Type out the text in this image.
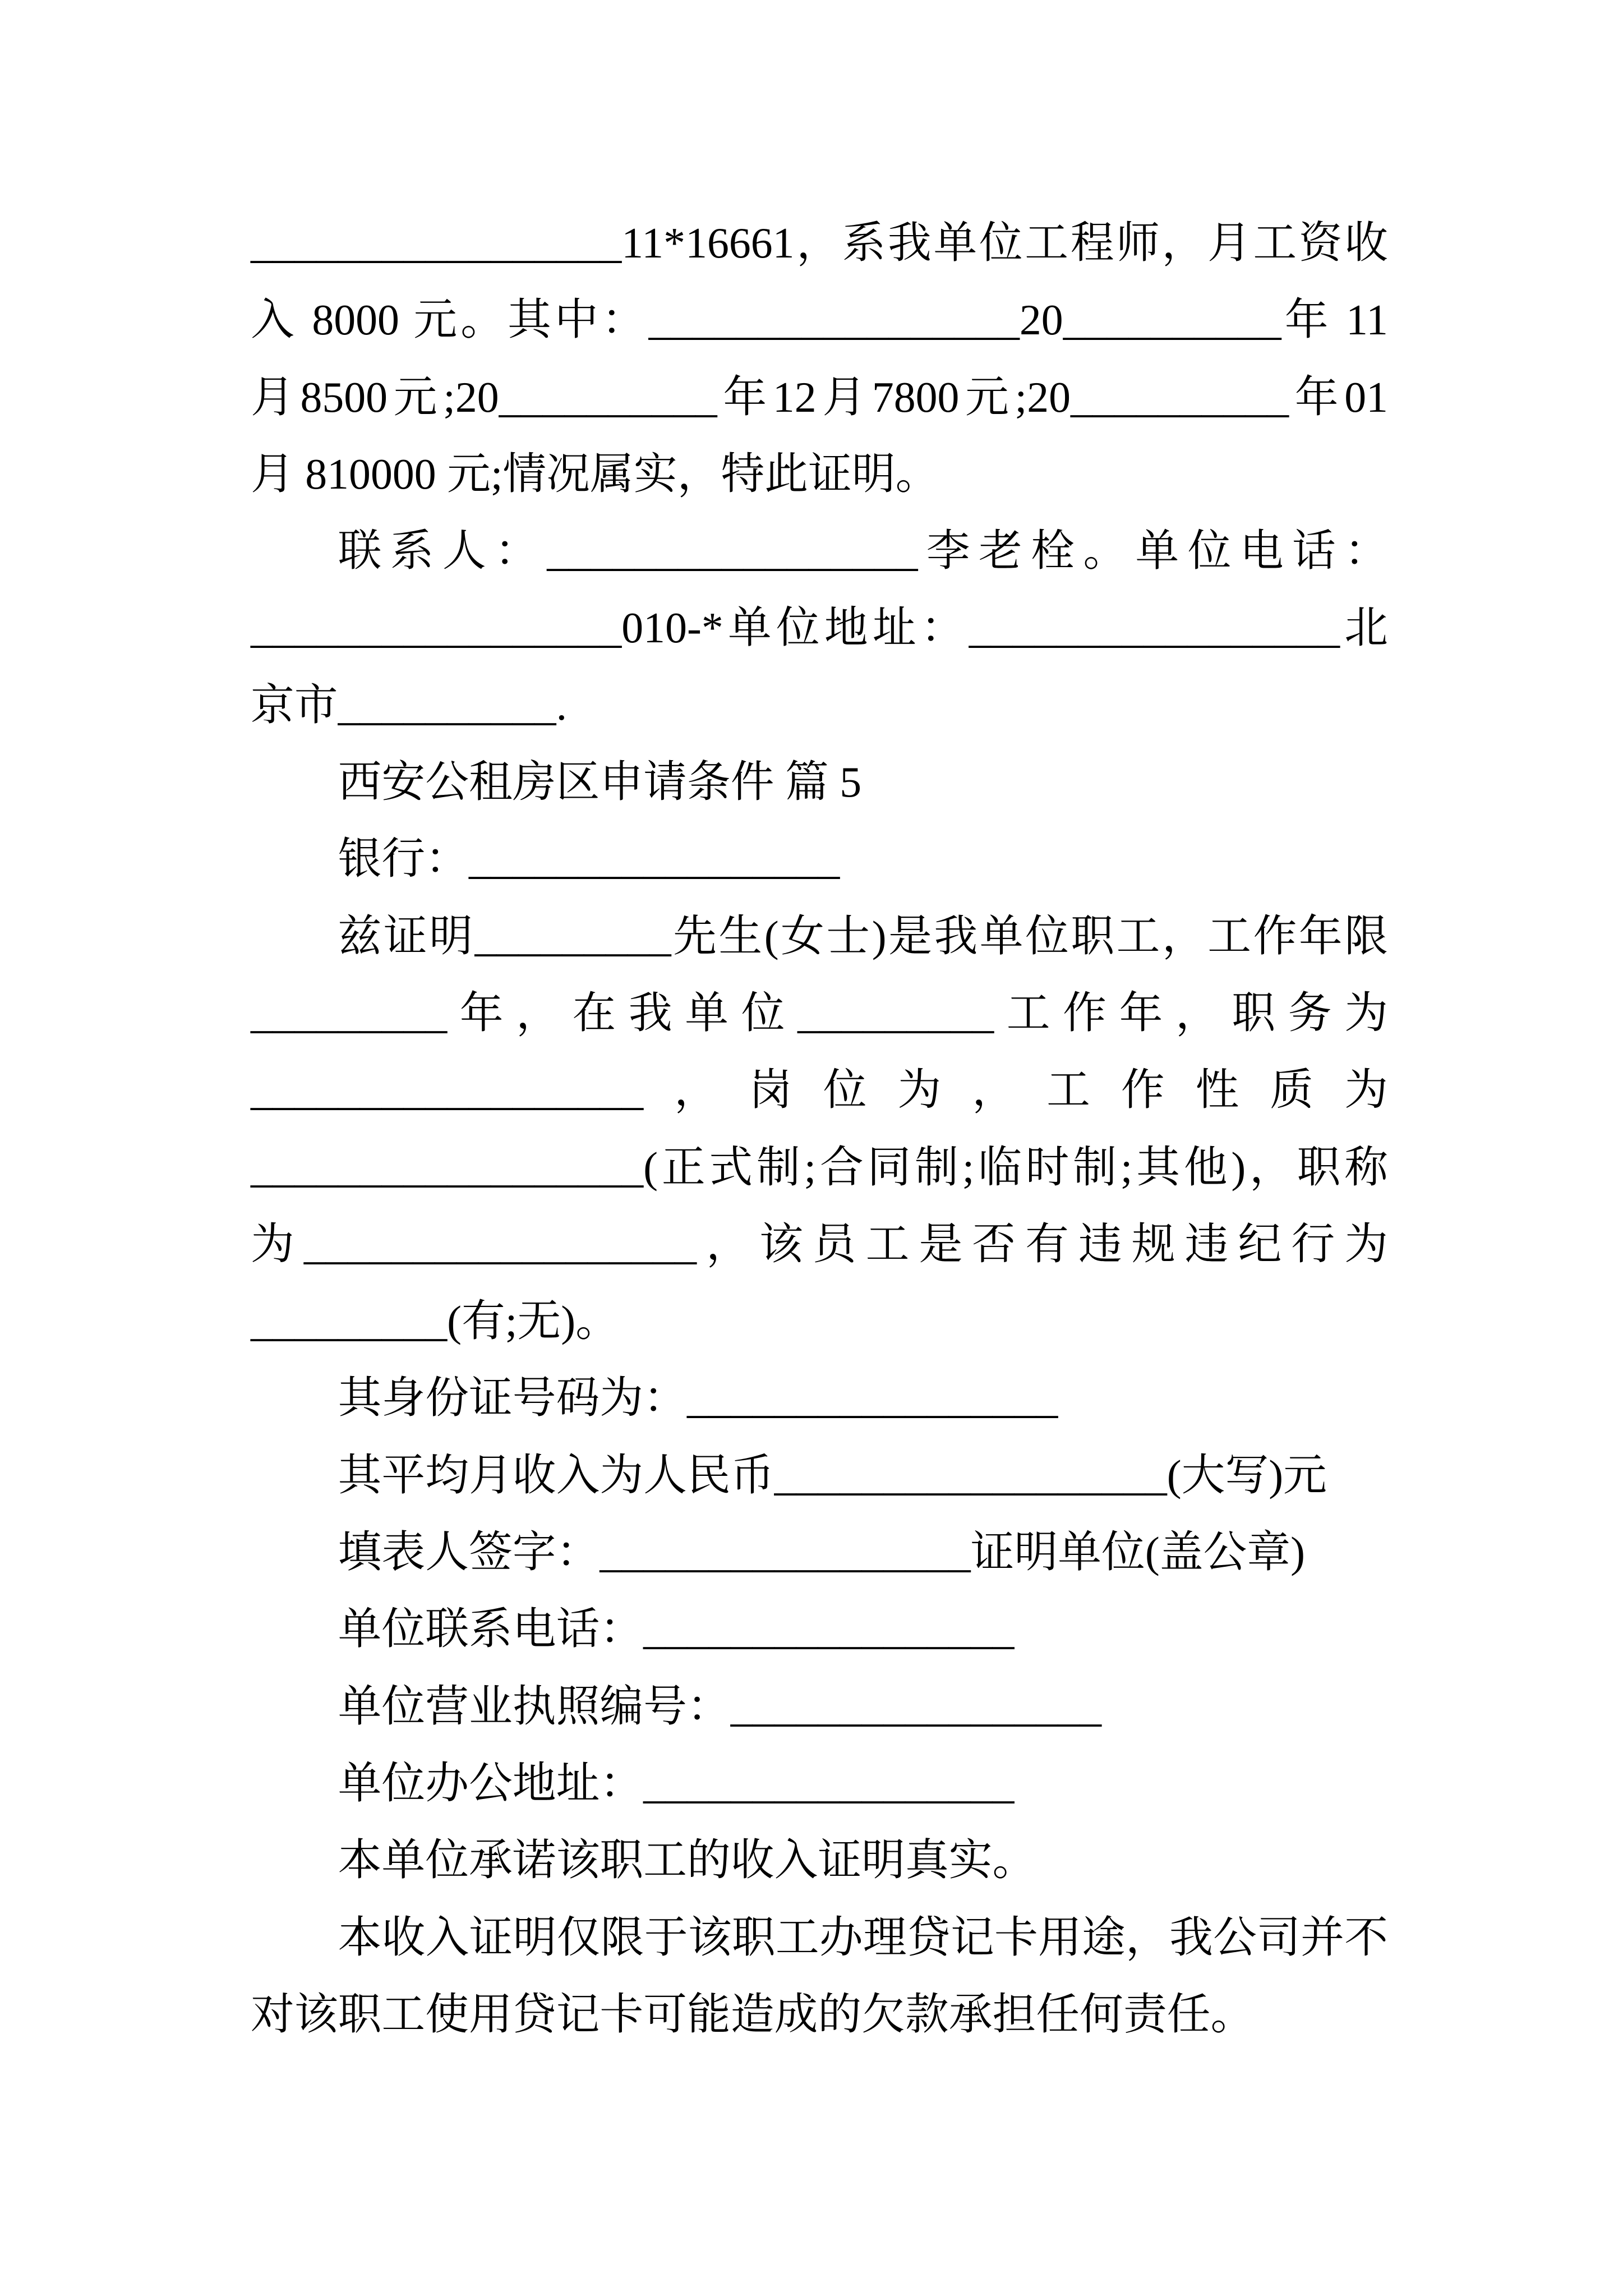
_________________11*16661，系我单位工程师，月工资收
入 8000 元。其中：_________________20__________年 11
月8500元;20__________年12月7800元;20__________年01
月 810000 元;情况属实，特此证明。
联系人：_________________李老栓。单位电话：
_________________010-*单位地址：_________________北
京市__________.
西安公租房区申请条件 篇 5
银行：_________________
兹证明_________先生(女士)是我单位职工，工作年限
_________年，在我单位_________工作年，职务为
__________________，岗位为，工作性质为
__________________(正式制;合同制;临时制;其他)，职称
为__________________，该员工是否有违规违纪行为
_________(有;无)。
其身份证号码为：_________________
其平均月收入为人民币__________________(大写)元
填表人签字：_________________证明单位(盖公章)
单位联系电话：_________________
单位营业执照编号：_________________
单位办公地址：_________________
本单位承诺该职工的收入证明真实。
本收入证明仅限于该职工办理贷记卡用途，我公司并不
对该职工使用贷记卡可能造成的欠款承担任何责任。
